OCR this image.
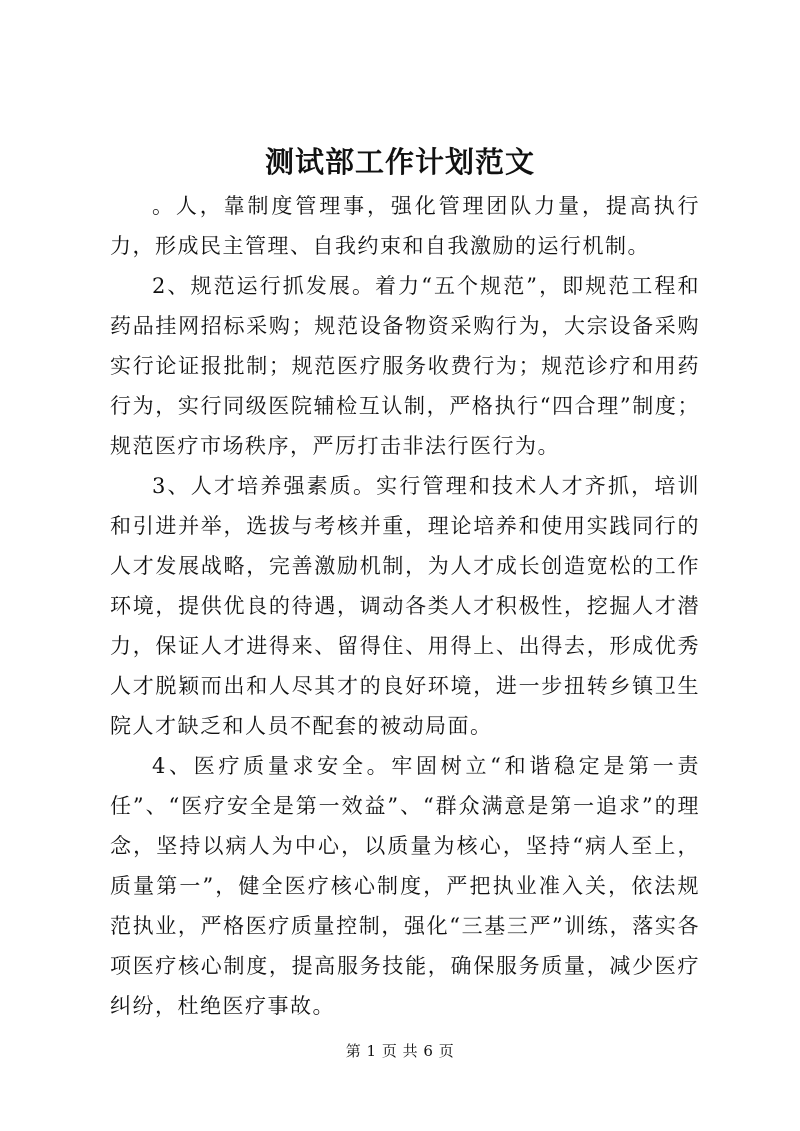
测试部工作计划范文

。人，靠制度管理事，强化管理团队力量，提高执行力，形成民主管理、自我约束和自我激励的运行机制。

2、规范运行抓发展。着力“五个规范”，即规范工程和药品挂网招标采购；规范设备物资采购行为，大宗设备采购实行论证报批制；规范医疗服务收费行为；规范诊疗和用药行为，实行同级医院辅检互认制，严格执行“四合理”制度；规范医疗市场秩序，严厉打击非法行医行为。

3、人才培养强素质。实行管理和技术人才齐抓，培训和引进并举，选拔与考核并重，理论培养和使用实践同行的人才发展战略，完善激励机制，为人才成长创造宽松的工作环境，提供优良的待遇，调动各类人才积极性，挖掘人才潜力，保证人才进得来、留得住、用得上、出得去，形成优秀人才脱颖而出和人尽其才的良好环境，进一步扭转乡镇卫生院人才缺乏和人员不配套的被动局面。

4、医疗质量求安全。牢固树立“和谐稳定是第一责任”、“医疗安全是第一效益”、“群众满意是第一追求”的理念，坚持以病人为中心，以质量为核心，坚持“病人至上，质量第一”，健全医疗核心制度，严把执业准入关，依法规范执业，严格医疗质量控制，强化“三基三严”训练，落实各项医疗核心制度，提高服务技能，确保服务质量，减少医疗纠纷，杜绝医疗事故。

第 1 页 共 6 页
